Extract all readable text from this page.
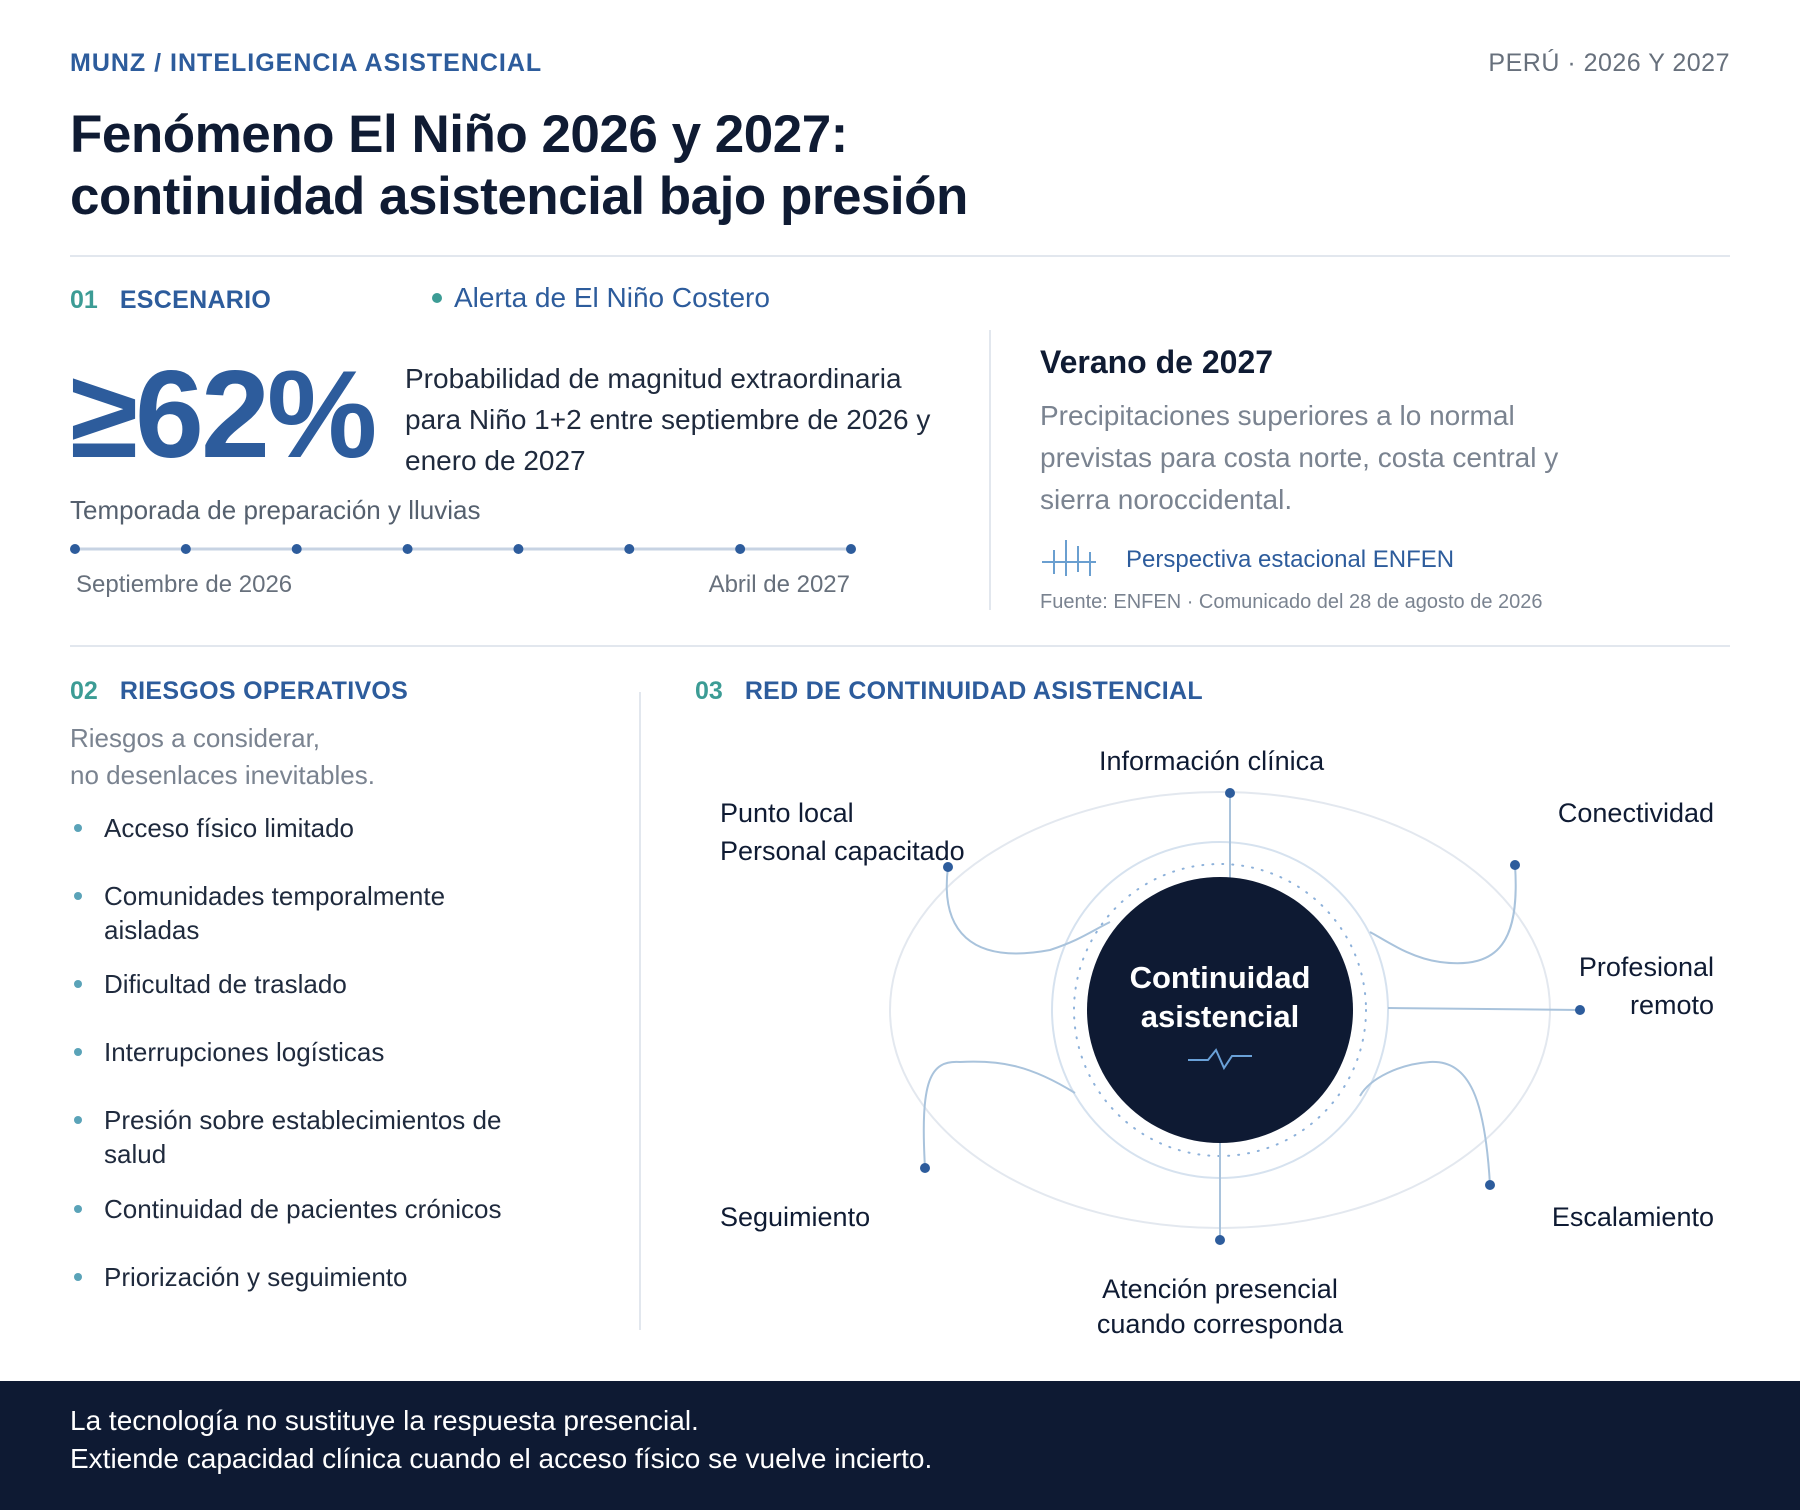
MUNZ / INTELIGENCIA ASISTENCIAL	PERÚ · 2026 Y 2027
Fenómeno El Niño 2026 y 2027:
continuidad asistencial bajo presión
01 ESCENARIO	Alerta de El Niño Costero
≥62% Probabilidad de magnitud extraordinaria para Niño 1+2 entre septiembre de 2026 y enero de 2027
Temporada de preparación y lluvias
Septiembre de 2026	Abril de 2027
Verano de 2027
Precipitaciones superiores a lo normal previstas para costa norte, costa central y sierra noroccidental.
Perspectiva estacional ENFEN
Fuente: ENFEN · Comunicado del 28 de agosto de 2026
02 RIESGOS OPERATIVOS
Riesgos a considerar,
no desenlaces inevitables.
Acceso físico limitado
Comunidades temporalmente aisladas
Dificultad de traslado
Interrupciones logísticas
Presión sobre establecimientos de salud
Continuidad de pacientes crónicos
Priorización y seguimiento
03 RED DE CONTINUIDAD ASISTENCIAL
Continuidad
asistencial
Información clínica
Punto local
Personal capacitado
Conectividad
Profesional
remoto
Seguimiento	Escalamiento
Atención presencial
cuando corresponda
La tecnología no sustituye la respuesta presencial.
Extiende capacidad clínica cuando el acceso físico se vuelve incierto.
